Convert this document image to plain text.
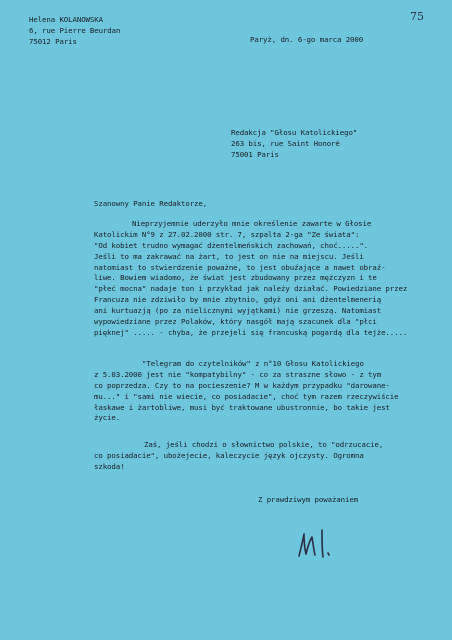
75

Helena KOLANOWSKA

6, rue Pierre Beurdan

75012 Paris	Paryż, dn. 6-go marca 2000

Redakcja "Głosu Katolickiego"

263 bis, rue Saint Honoré

75001 Paris

Szanowny Panie Redaktorze,

Nieprzyjemnie uderzyło mnie określenie zawarte w Głosie
Katolickim N°9 z 27.02.2000 str. 7, szpalta 2-ga "Ze świata":
"Od kobiet trudno wymagać dżentelmeńskich zachowań, choć.....".
Jeśli to ma zakrawać na żart, to jest on nie na miejscu. Jeśli
natomiast to stwierdzenie poważne, to jest obuźające a nawet obraź-
liwe. Bowiem wiadomo, że świat jest zbudowany przez mężczyzn i te
"płeć mocna" nadaje ton i przykład jak należy działać. Powiedziane przez
Francuza nie zdziwiło by mnie zbytnio, gdyż oni ani dżentelmenerią
ani kurtuazją (po za nielicznymi wyjątkami) nie grzeszą. Natomiast
wypowiedziane przez Polaków, który nasgół mają szacunek dla "płci
pięknej" ..... - chyba, że przejeli się francuską pogardą dla tejże.....
"Telegram do czytelników" z n°10 Głosu Katolickiego
z 5.03.2000 jest nie "kompatybilny" - co za straszne słowo - z tym
co poprzedza. Czy to na pocieszenie? M w każdym przypadku "darowane-
mu..." i "sami nie wiecie, co posiadacie", choć tym razem rzeczywiście
łaskawe i żartobliwe, musi być traktowane ubustronnie, bo takie jest
życie.
Zaś, jeśli chodzi o słownictwo polskie, to "odrzucacie,
co posiadacie", ubożejecie, kaleczycie język ojczysty. Ogromna
szkoda!

Z prawdziwym poważaniem
